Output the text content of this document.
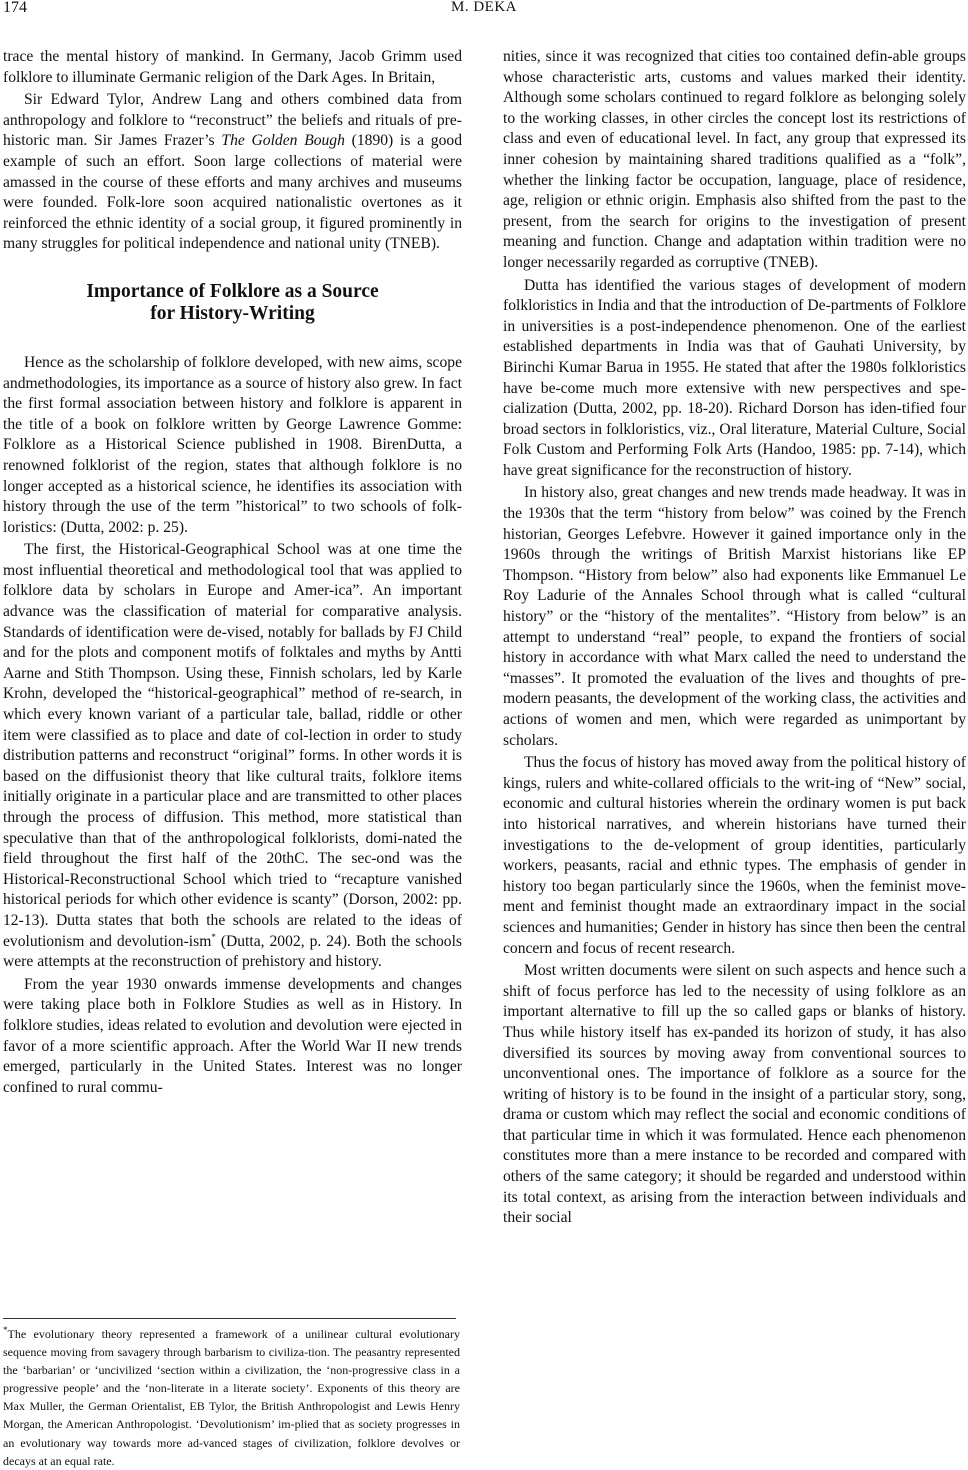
174	M. DEKA

trace the mental history of mankind. In Germany, Jacob Grimm used folklore to illuminate Germanic religion of the Dark Ages. In Britain,

Sir Edward Tylor, Andrew Lang and others combined data from anthropology and folklore to “reconstruct” the beliefs and rituals of pre-historic man. Sir James Frazer’s The Golden Bough (1890) is a good example of such an effort. Soon large collections of material were amassed in the course of these efforts and many archives and museums were founded. Folk-lore soon acquired nationalistic overtones as it reinforced the ethnic identity of a social group, it figured prominently in many struggles for political independence and national unity (TNEB).

Importance of Folklore as a Source
for History-Writing

Hence as the scholarship of folklore developed, with new aims, scope andmethodologies, its importance as a source of history also grew. In fact the first formal association between history and folklore is apparent in the title of a book on folklore written by George Lawrence Gomme: Folklore as a Historical Science published in 1908. BirenDutta, a renowned folklorist of the region, states that although folklore is no longer accepted as a historical science, he identifies its association with history through the use of the term ”historical” to two schools of folk-loristics: (Dutta, 2002: p. 25).

The first, the Historical-Geographical School was at one time the most influential theoretical and methodological tool that was applied to folklore data by scholars in Europe and Amer-ica”. An important advance was the classification of material for comparative analysis. Standards of identification were de-vised, notably for ballads by FJ Child and for the plots and component motifs of folktales and myths by Antti Aarne and Stith Thompson. Using these, Finnish scholars, led by Karle Krohn, developed the “historical-geographical” method of re-search, in which every known variant of a particular tale, ballad, riddle or other item were classified as to place and date of col-lection in order to study distribution patterns and reconstruct “original” forms. In other words it is based on the diffusionist theory that like cultural traits, folklore items initially originate in a particular place and are transmitted to other places through the process of diffusion. This method, more statistical than speculative than that of the anthropological folklorists, domi-nated the field throughout the first half of the 20thC. The sec-ond was the Historical-Reconstructional School which tried to “recapture vanished historical periods for which other evidence is scanty” (Dorson, 2002: pp. 12-13). Dutta states that both the schools are related to the ideas of evolutionism and devolution-ism* (Dutta, 2002, p. 24). Both the schools were attempts at the reconstruction of prehistory and history.

From the year 1930 onwards immense developments and changes were taking place both in Folklore Studies as well as in History. In folklore studies, ideas related to evolution and devolution were ejected in favor of a more scientific approach. After the World War II new trends emerged, particularly in the United States. Interest was no longer confined to rural commu-

*The evolutionary theory represented a framework of a unilinear cultural evolutionary sequence moving from savagery through barbarism to civiliza-tion. The peasantry represented the ‘barbarian’ or ‘uncivilized ‘section within a civilization, the ‘non-progressive class in a progressive people’ and the ‘non-literate in a literate society’. Exponents of this theory are Max Muller, the German Orientalist, EB Tylor, the British Anthropologist and Lewis Henry Morgan, the American Anthropologist. ‘Devolutionism’ im-plied that as society progresses in an evolutionary way towards more ad-vanced stages of civilization, folklore devolves or decays at an equal rate.

nities, since it was recognized that cities too contained defin-able groups whose characteristic arts, customs and values marked their identity. Although some scholars continued to regard folklore as belonging solely to the working classes, in other circles the concept lost its restrictions of class and even of educational level. In fact, any group that expressed its inner cohesion by maintaining shared traditions qualified as a “folk”, whether the linking factor be occupation, language, place of residence, age, religion or ethnic origin. Emphasis also shifted from the past to the present, from the search for origins to the investigation of present meaning and function. Change and adaptation within tradition were no longer necessarily regarded as corruptive (TNEB).

Dutta has identified the various stages of development of modern folkloristics in India and that the introduction of De-partments of Folklore in universities is a post-independence phenomenon. One of the earliest established departments in India was that of Gauhati University, by Birinchi Kumar Barua in 1955. He stated that after the 1980s folkloristics have be-come much more extensive with new perspectives and spe-cialization (Dutta, 2002, pp. 18-20). Richard Dorson has iden-tified four broad sectors in folkloristics, viz., Oral literature, Material Culture, Social Folk Custom and Performing Folk Arts (Handoo, 1985: pp. 7-14), which have great significance for the reconstruction of history.

In history also, great changes and new trends made headway. It was in the 1930s that the term “history from below” was coined by the French historian, Georges Lefebvre. However it gained importance only in the 1960s through the writings of British Marxist historians like EP Thompson. “History from below” also had exponents like Emmanuel Le Roy Ladurie of the Annales School through what is called “cultural history” or the “history of the mentalites”. “History from below” is an attempt to understand “real” people, to expand the frontiers of social history in accordance with what Marx called the need to understand the “masses”. It promoted the evaluation of the lives and thoughts of pre-modern peasants, the development of the working class, the activities and actions of women and men, which were regarded as unimportant by scholars.

Thus the focus of history has moved away from the political history of kings, rulers and white-collared officials to the writ-ing of “New” social, economic and cultural histories wherein the ordinary women is put back into historical narratives, and wherein historians have turned their investigations to the de-velopment of group identities, particularly workers, peasants, racial and ethnic types. The emphasis of gender in history too began particularly since the 1960s, when the feminist move-ment and feminist thought made an extraordinary impact in the social sciences and humanities; Gender in history has since then been the central concern and focus of recent research.

Most written documents were silent on such aspects and hence such a shift of focus perforce has led to the necessity of using folklore as an important alternative to fill up the so called gaps or blanks of history. Thus while history itself has ex-panded its horizon of study, it has also diversified its sources by moving away from conventional sources to unconventional ones. The importance of folklore as a source for the writing of history is to be found in the insight of a particular story, song, drama or custom which may reflect the social and economic conditions of that particular time in which it was formulated. Hence each phenomenon constitutes more than a mere instance to be recorded and compared with others of the same category; it should be regarded and understood within its total context, as arising from the interaction between individuals and their social
